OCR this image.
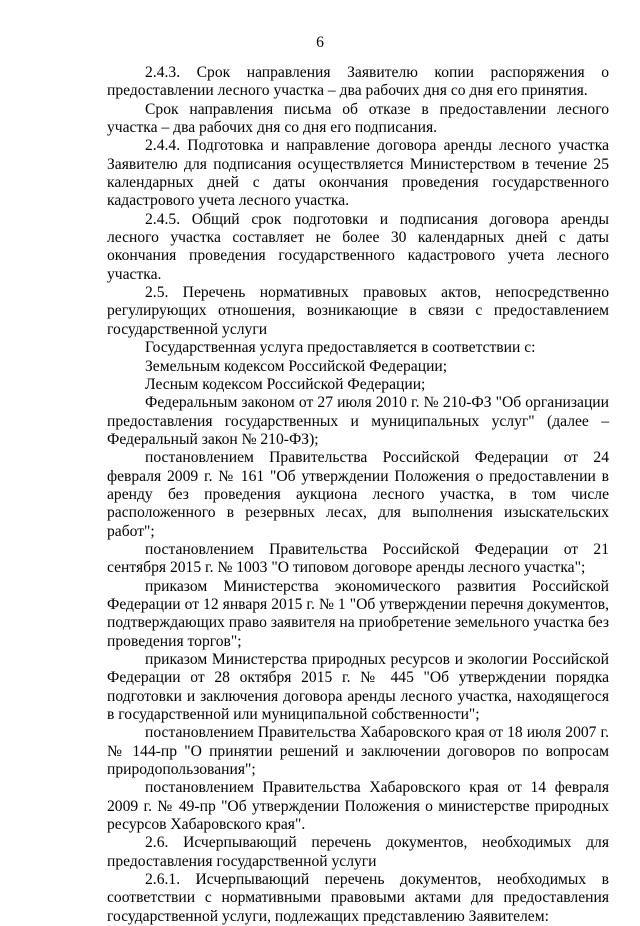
6

2.4.3. Срок направления Заявителю копии распоряжения о предоставлении лесного участка – два рабочих дня со дня его принятия.

Срок направления письма об отказе в предоставлении лесного участка – два рабочих дня со дня его подписания.

2.4.4. Подготовка и направление договора аренды лесного участка Заявителю для подписания осуществляется Министерством в течение 25 календарных дней с даты окончания проведения государственного кадастрового учета лесного участка.

2.4.5. Общий срок подготовки и подписания договора аренды лесного участка составляет не более 30 календарных дней с даты окончания проведения государственного кадастрового учета лесного участка.

2.5. Перечень нормативных правовых актов, непосредственно регулирующих отношения, возникающие в связи с предоставлением государственной услуги

Государственная услуга предоставляется в соответствии с:

Земельным кодексом Российской Федерации;

Лесным кодексом Российской Федерации;

Федеральным законом от 27 июля 2010 г. № 210-ФЗ "Об организации предоставления государственных и муниципальных услуг" (далее – Федеральный закон № 210-ФЗ);

постановлением Правительства Российской Федерации от 24 февраля 2009 г. № 161 "Об утверждении Положения о предоставлении в аренду без проведения аукциона лесного участка, в том числе расположенного в резервных лесах, для выполнения изыскательских работ";

постановлением Правительства Российской Федерации от 21 сентября 2015 г. № 1003 "О типовом договоре аренды лесного участка";

приказом Министерства экономического развития Российской Федерации от 12 января 2015 г. № 1 "Об утверждении перечня документов, подтверждающих право заявителя на приобретение земельного участка без проведения торгов";

приказом Министерства природных ресурсов и экологии Российской Федерации от 28 октября 2015 г. № 445 "Об утверждении порядка подготовки и заключения договора аренды лесного участка, находящегося в государственной или муниципальной собственности";

постановлением Правительства Хабаровского края от 18 июля 2007 г. № 144-пр "О принятии решений и заключении договоров по вопросам природопользования";

постановлением Правительства Хабаровского края от 14 февраля 2009 г. № 49-пр "Об утверждении Положения о министерстве природных ресурсов Хабаровского края".

2.6. Исчерпывающий перечень документов, необходимых для предоставления государственной услуги

2.6.1. Исчерпывающий перечень документов, необходимых в соответствии с нормативными правовыми актами для предоставления государственной услуги, подлежащих представлению Заявителем:
